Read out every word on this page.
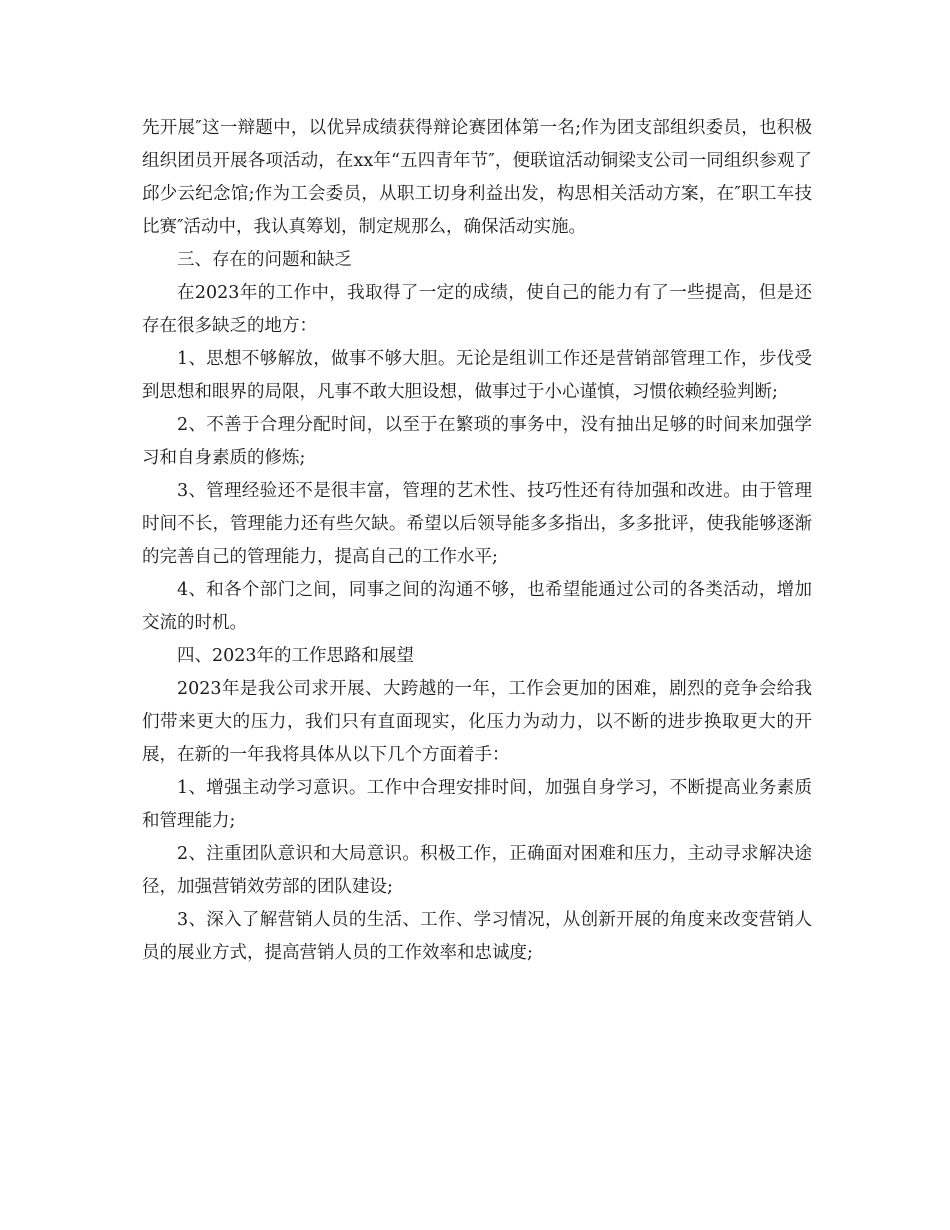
先开展″这一辩题中，以优异成绩获得辩论赛团体第一名;作为团支部组织委员，也积极组织团员开展各项活动，在xx年“五四青年节″，便联谊活动铜梁支公司一同组织参观了邱少云纪念馆;作为工会委员，从职工切身利益出发，构思相关活动方案，在″职工车技比赛″活动中，我认真筹划，制定规那么，确保活动实施。

三、存在的问题和缺乏

在2023年的工作中，我取得了一定的成绩，使自己的能力有了一些提高，但是还存在很多缺乏的地方：

1、思想不够解放，做事不够大胆。无论是组训工作还是营销部管理工作，步伐受到思想和眼界的局限，凡事不敢大胆设想，做事过于小心谨慎，习惯依赖经验判断;

2、不善于合理分配时间，以至于在繁琐的事务中，没有抽出足够的时间来加强学习和自身素质的修炼;

3、管理经验还不是很丰富，管理的艺术性、技巧性还有待加强和改进。由于管理时间不长，管理能力还有些欠缺。希望以后领导能多多指出，多多批评，使我能够逐渐的完善自己的管理能力，提高自己的工作水平;

4、和各个部门之间，同事之间的沟通不够，也希望能通过公司的各类活动，增加交流的时机。

四、2023年的工作思路和展望

2023年是我公司求开展、大跨越的一年，工作会更加的困难，剧烈的竞争会给我们带来更大的压力，我们只有直面现实，化压力为动力，以不断的进步换取更大的开展，在新的一年我将具体从以下几个方面着手：

1、增强主动学习意识。工作中合理安排时间，加强自身学习，不断提高业务素质和管理能力;

2、注重团队意识和大局意识。积极工作，正确面对困难和压力，主动寻求解决途径，加强营销效劳部的团队建设;

3、深入了解营销人员的生活、工作、学习情况，从创新开展的角度来改变营销人员的展业方式，提高营销人员的工作效率和忠诚度;
